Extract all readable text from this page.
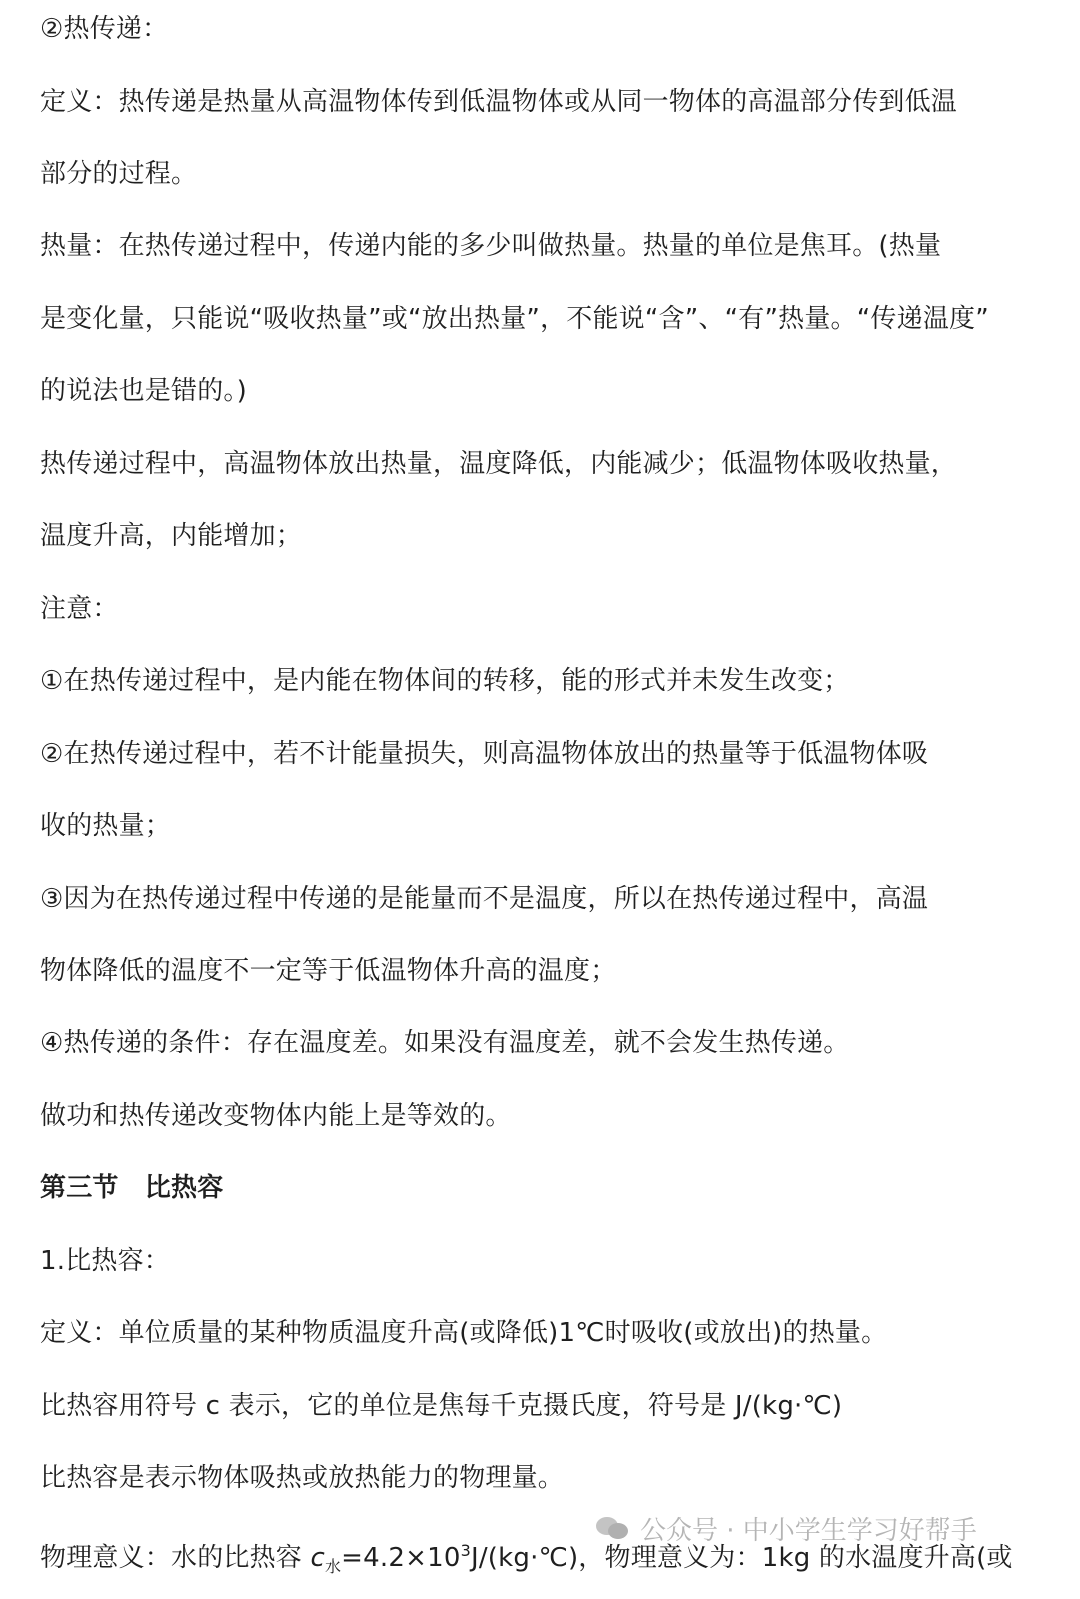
②热传递：
定义：热传递是热量从高温物体传到低温物体或从同一物体的高温部分传到低温
部分的过程。
热量：在热传递过程中，传递内能的多少叫做热量。热量的单位是焦耳。(热量
是变化量，只能说“吸收热量”或“放出热量”，不能说“含”、“有”热量。“传递温度”
的说法也是错的。)
热传递过程中，高温物体放出热量，温度降低，内能减少；低温物体吸收热量，
温度升高，内能增加；
注意：
①在热传递过程中，是内能在物体间的转移，能的形式并未发生改变；
②在热传递过程中，若不计能量损失，则高温物体放出的热量等于低温物体吸
收的热量；
③因为在热传递过程中传递的是能量而不是温度，所以在热传递过程中，高温
物体降低的温度不一定等于低温物体升高的温度；
④热传递的条件：存在温度差。如果没有温度差，就不会发生热传递。
做功和热传递改变物体内能上是等效的。
第三节　比热容
1.比热容：
定义：单位质量的某种物质温度升高(或降低)1℃时吸收(或放出)的热量。
比热容用符号 c 表示，它的单位是焦每千克摄氏度，符号是 J/(kg·℃)
比热容是表示物体吸热或放热能力的物理量。
物理意义：水的比热容 $c_水=4.2\times 10^3J/(kg\cdot℃)$，物理意义为：1kg 的水温度升高(或
公众号 · 中小学生学习好帮手
